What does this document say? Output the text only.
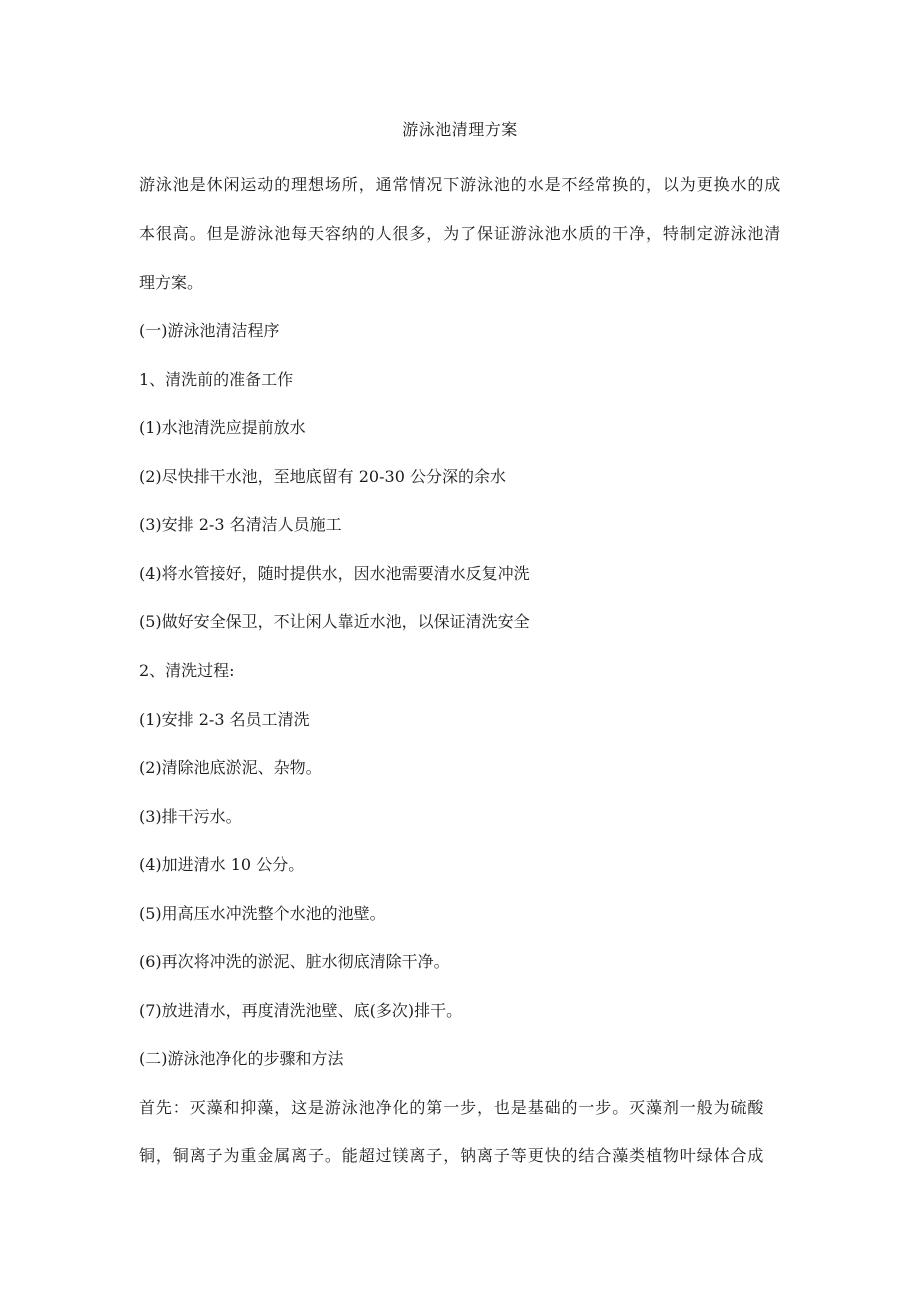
游泳池清理方案
游泳池是休闲运动的理想场所，通常情况下游泳池的水是不经常换的，以为更换水的成
本很高。但是游泳池每天容纳的人很多，为了保证游泳池水质的干净，特制定游泳池清
理方案。
(一)游泳池清洁程序
1、清洗前的准备工作
(1)水池清洗应提前放水
(2)尽快排干水池，至地底留有 20-30 公分深的余水
(3)安排 2-3 名清洁人员施工
(4)将水管接好，随时提供水，因水池需要清水反复冲洗
(5)做好安全保卫，不让闲人靠近水池，以保证清洗安全
2、清洗过程:
(1)安排 2-3 名员工清洗
(2)清除池底淤泥、杂物。
(3)排干污水。
(4)加进清水 10 公分。
(5)用高压水冲洗整个水池的池壁。
(6)再次将冲洗的淤泥、脏水彻底清除干净。
(7)放进清水，再度清洗池壁、底(多次)排干。
(二)游泳池净化的步骤和方法
首先：灭藻和抑藻，这是游泳池净化的第一步，也是基础的一步。灭藻剂一般为硫酸
铜，铜离子为重金属离子。能超过镁离子，钠离子等更快的结合藻类植物叶绿体合成
